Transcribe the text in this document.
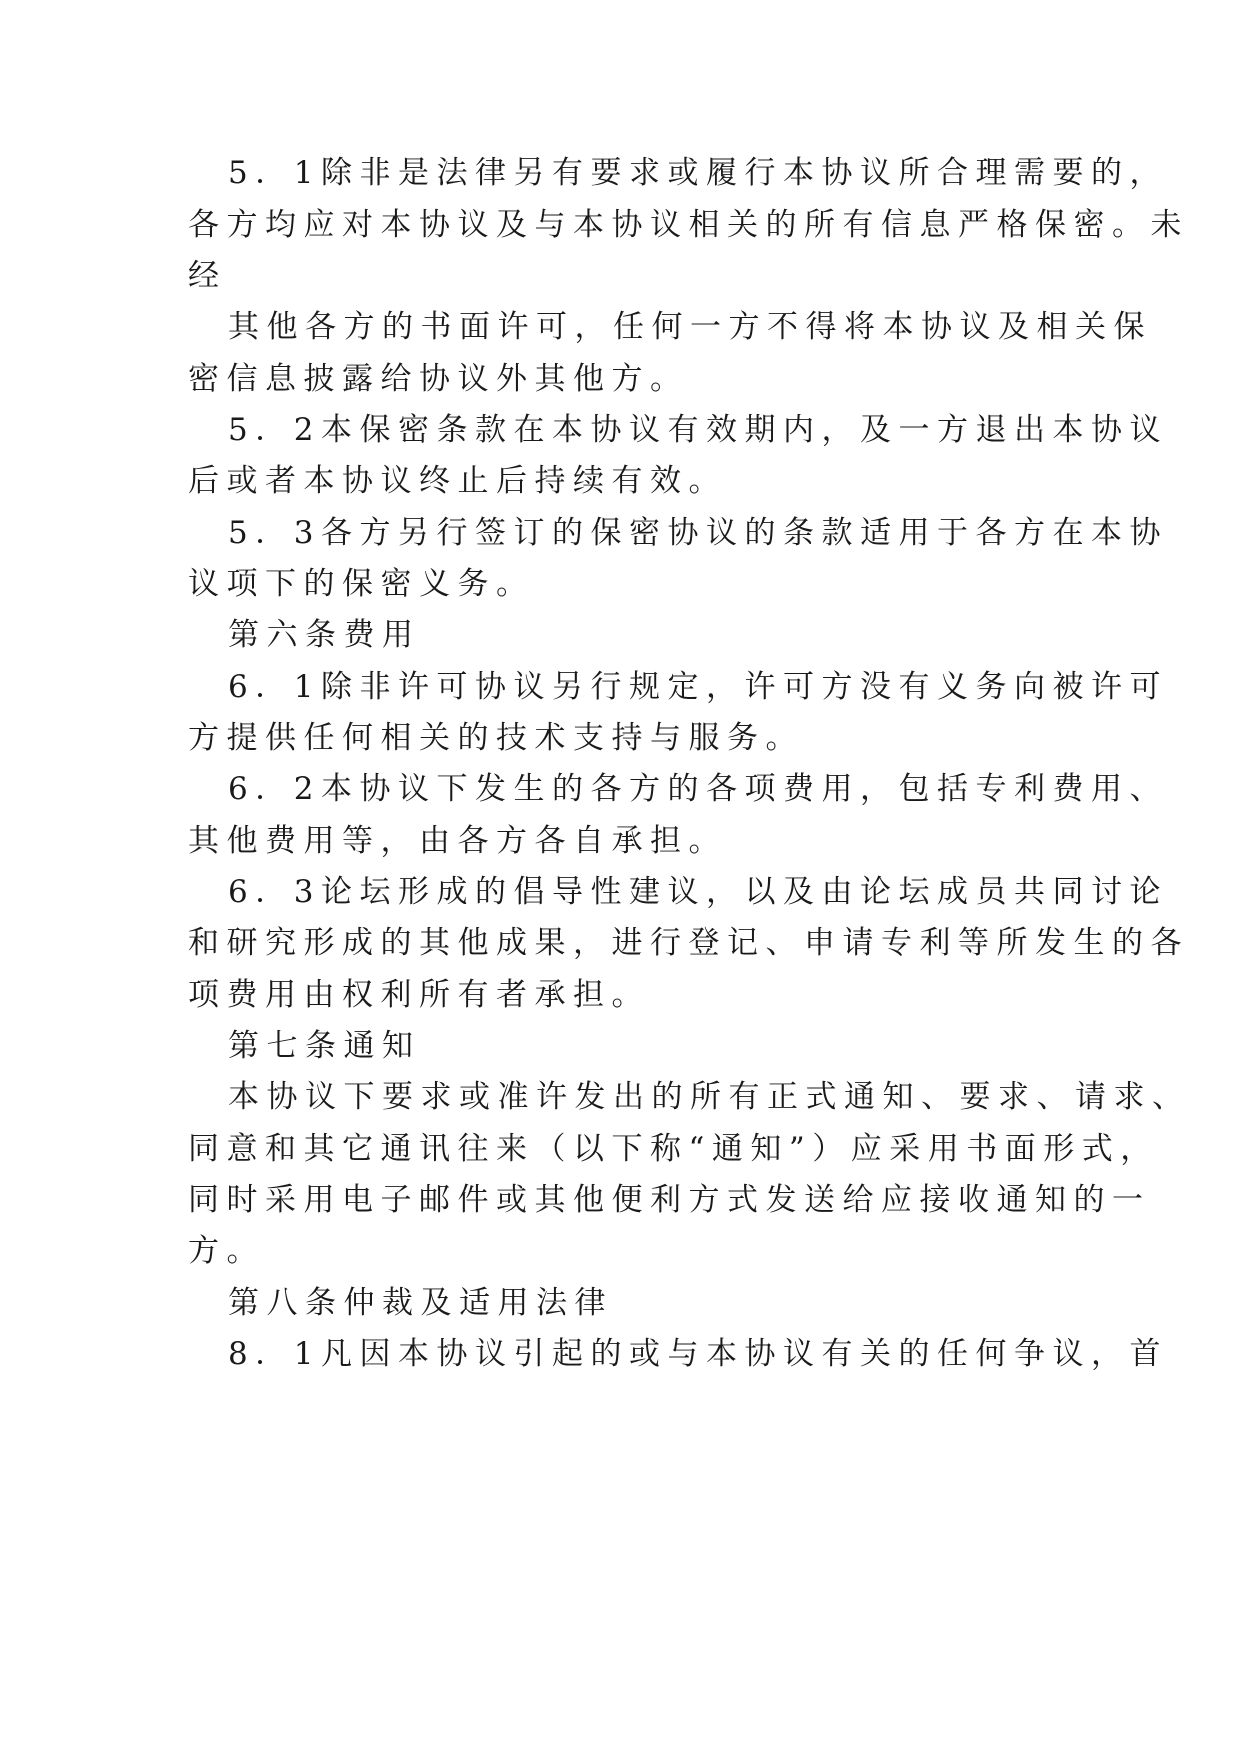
5．1除非是法律另有要求或履行本协议所合理需要的，
各方均应对本协议及与本协议相关的所有信息严格保密。未
经
其他各方的书面许可，任何一方不得将本协议及相关保
密信息披露给协议外其他方。
5．2本保密条款在本协议有效期内，及一方退出本协议
后或者本协议终止后持续有效。
5．3各方另行签订的保密协议的条款适用于各方在本协
议项下的保密义务。
第六条费用
6．1除非许可协议另行规定，许可方没有义务向被许可
方提供任何相关的技术支持与服务。
6．2本协议下发生的各方的各项费用，包括专利费用、
其他费用等，由各方各自承担。
6．3论坛形成的倡导性建议，以及由论坛成员共同讨论
和研究形成的其他成果，进行登记、申请专利等所发生的各
项费用由权利所有者承担。
第七条通知
本协议下要求或准许发出的所有正式通知、要求、请求、
同意和其它通讯往来（以下称“通知”）应采用书面形式，
同时采用电子邮件或其他便利方式发送给应接收通知的一
方。
第八条仲裁及适用法律
8．1凡因本协议引起的或与本协议有关的任何争议，首
